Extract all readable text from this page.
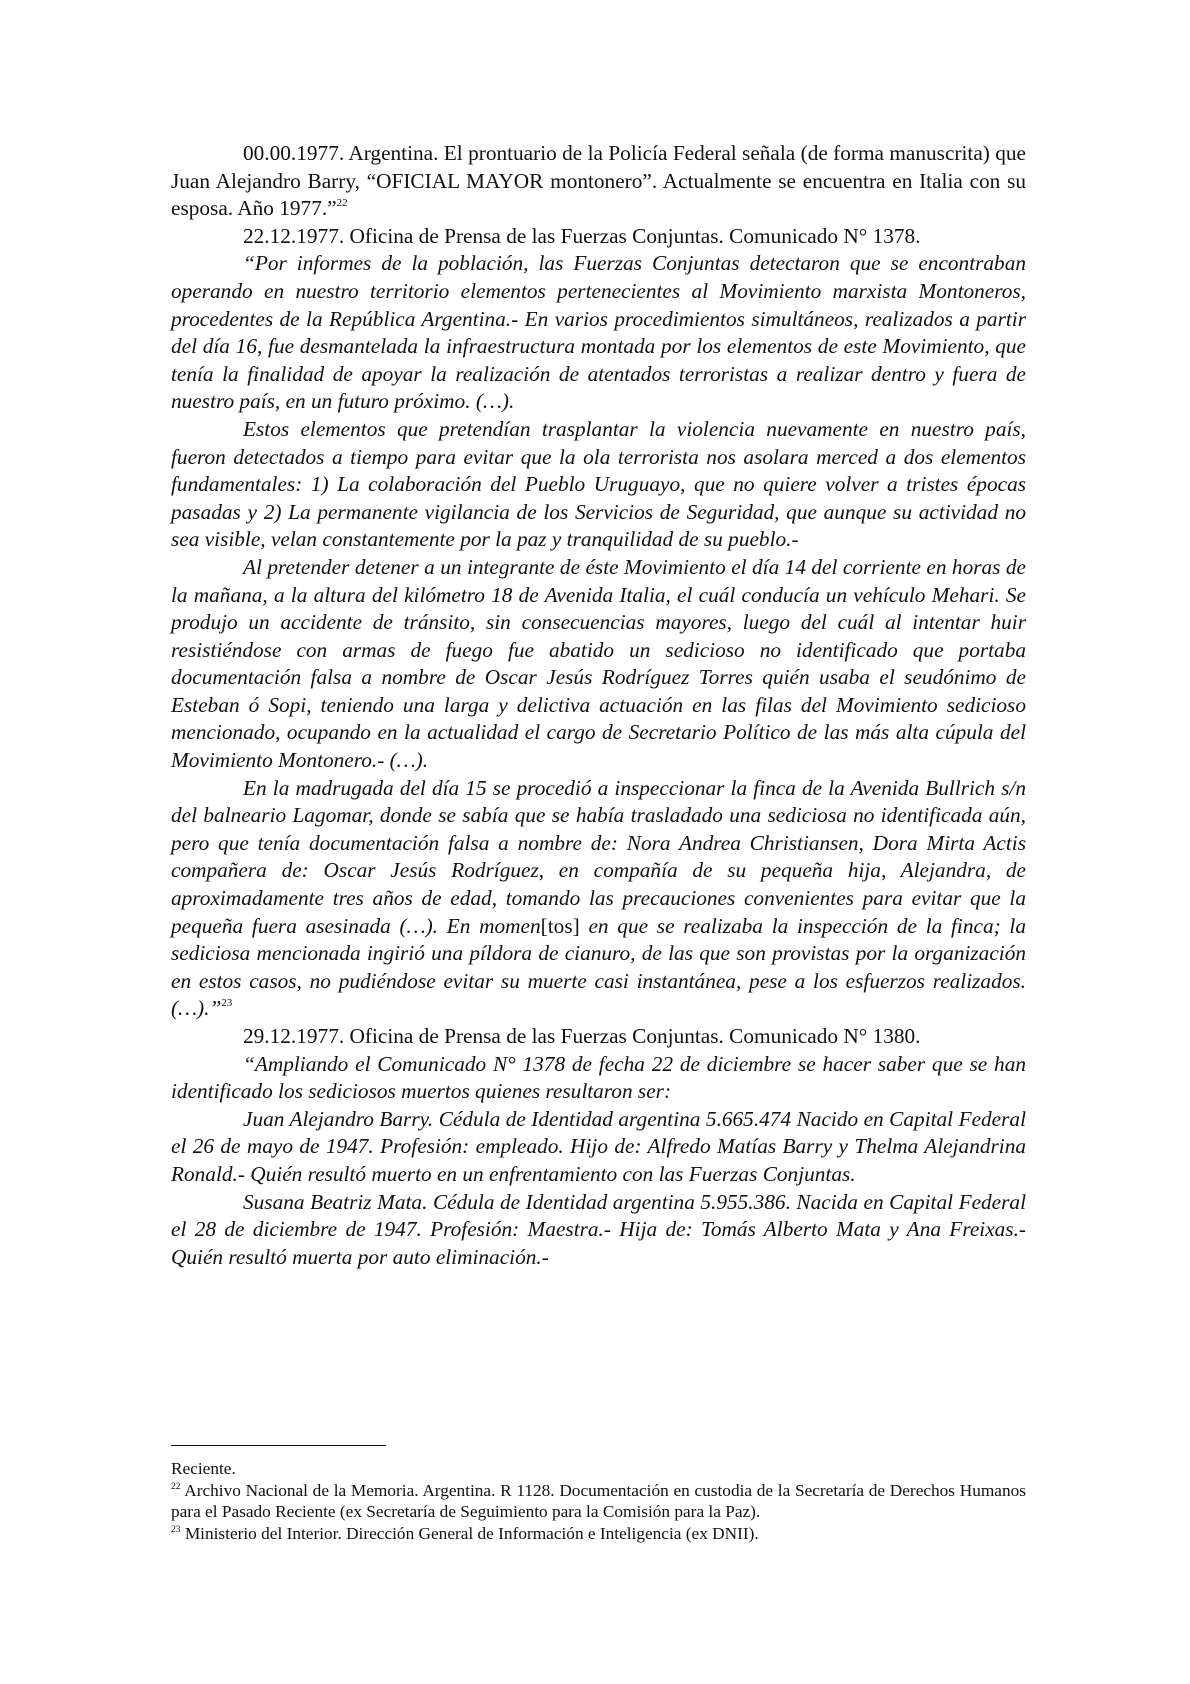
00.00.1977. Argentina. El prontuario de la Policía Federal señala (de forma manuscrita) que Juan Alejandro Barry, “OFICIAL MAYOR montonero”. Actualmente se encuentra en Italia con su esposa. Año 1977.”$^{22}$

22.12.1977. Oficina de Prensa de las Fuerzas Conjuntas. Comunicado N° 1378.

“Por informes de la población, las Fuerzas Conjuntas detectaron que se encontraban operando en nuestro territorio elementos pertenecientes al Movimiento marxista Montoneros, procedentes de la República Argentina.- En varios procedimientos simultáneos, realizados a partir del día 16, fue desmantelada la infraestructura montada por los elementos de este Movimiento, que tenía la finalidad de apoyar la realización de atentados terroristas a realizar dentro y fuera de nuestro país, en un futuro próximo. (…).

Estos elementos que pretendían trasplantar la violencia nuevamente en nuestro país, fueron detectados a tiempo para evitar que la ola terrorista nos asolara merced a dos elementos fundamentales: 1) La colaboración del Pueblo Uruguayo, que no quiere volver a tristes épocas pasadas y 2) La permanente vigilancia de los Servicios de Seguridad, que aunque su actividad no sea visible, velan constantemente por la paz y tranquilidad de su pueblo.-

Al pretender detener a un integrante de éste Movimiento el día 14 del corriente en horas de la mañana, a la altura del kilómetro 18 de Avenida Italia, el cuál conducía un vehículo Mehari. Se produjo un accidente de tránsito, sin consecuencias mayores, luego del cuál al intentar huir resistiéndose con armas de fuego fue abatido un sedicioso no identificado que portaba documentación falsa a nombre de Oscar Jesús Rodríguez Torres quién usaba el seudónimo de Esteban ó Sopi, teniendo una larga y delictiva actuación en las filas del Movimiento sedicioso mencionado, ocupando en la actualidad el cargo de Secretario Político de las más alta cúpula del Movimiento Montonero.- (…).

En la madrugada del día 15 se procedió a inspeccionar la finca de la Avenida Bullrich s/n del balneario Lagomar, donde se sabía que se había trasladado una sediciosa no identificada aún, pero que tenía documentación falsa a nombre de: Nora Andrea Christiansen, Dora Mirta Actis compañera de: Oscar Jesús Rodríguez, en compañía de su pequeña hija, Alejandra, de aproximadamente tres años de edad, tomando las precauciones convenientes para evitar que la pequeña fuera asesinada (…). En momen[tos] en que se realizaba la inspección de la finca; la sediciosa mencionada ingirió una píldora de cianuro, de las que son provistas por la organización en estos casos, no pudiéndose evitar su muerte casi instantánea, pese a los esfuerzos realizados. (…).”$^{23}$

29.12.1977. Oficina de Prensa de las Fuerzas Conjuntas. Comunicado N° 1380.

“Ampliando el Comunicado N° 1378 de fecha 22 de diciembre se hacer saber que se han identificado los sediciosos muertos quienes resultaron ser:

Juan Alejandro Barry. Cédula de Identidad argentina 5.665.474 Nacido en Capital Federal el 26 de mayo de 1947. Profesión: empleado. Hijo de: Alfredo Matías Barry y Thelma Alejandrina Ronald.- Quién resultó muerto en un enfrentamiento con las Fuerzas Conjuntas.

Susana Beatriz Mata. Cédula de Identidad argentina 5.955.386. Nacida en Capital Federal el 28 de diciembre de 1947. Profesión: Maestra.- Hija de: Tomás Alberto Mata y Ana Freixas.- Quién resultó muerta por auto eliminación.-

Reciente.

$^{22}$ Archivo Nacional de la Memoria. Argentina. R 1128. Documentación en custodia de la Secretaría de Derechos Humanos para el Pasado Reciente (ex Secretaría de Seguimiento para la Comisión para la Paz).

$^{23}$ Ministerio del Interior. Dirección General de Información e Inteligencia (ex DNII).
